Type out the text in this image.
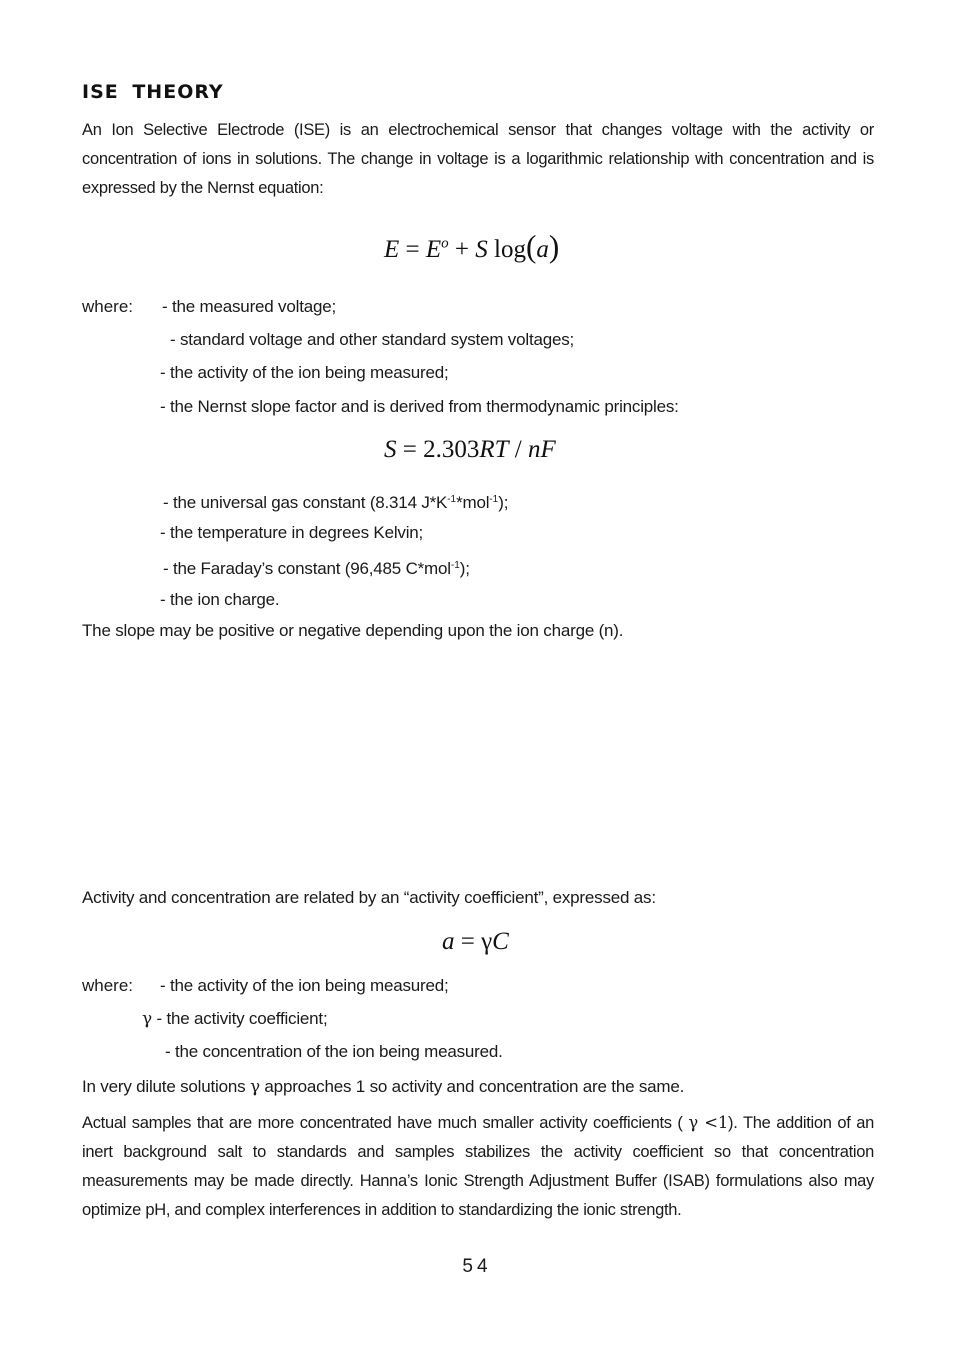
ISE THEORY
An Ion Selective Electrode (ISE) is an electrochemical sensor that changes voltage with the activity or concentration of ions in solutions. The change in voltage is a logarithmic relationship with concentration and is expressed by the Nernst equation:
$E = E^o + S$ log(a)
where: - the measured voltage;
- standard voltage and other standard system voltages;
- the activity of the ion being measured;
- the Nernst slope factor and is derived from thermodynamic principles:
S = 2.303RT / nF
- the universal gas constant (8.314 $J*K^{-1}*mol^{-1}$);
- the temperature in degrees Kelvin;
- the Faraday’s constant (96,485 C*mol$^{-1}$);
- the ion charge.
The slope may be positive or negative depending upon the ion charge (n).
Activity and concentration are related by an “activity coefficient”, expressed as:
a = γC
where: - the activity of the ion being measured;
γ - the activity coefficient;
- the concentration of the ion being measured.
In very dilute solutions γ approaches 1 so activity and concentration are the same.
Actual samples that are more concentrated have much smaller activity coefficients ( γ <1). The addition of an inert background salt to standards and samples stabilizes the activity coefficient so that concentration measurements may be made directly. Hanna’s Ionic Strength Adjustment Buffer (ISAB) formulations also may optimize pH, and complex interferences in addition to standardizing the ionic strength.
54
